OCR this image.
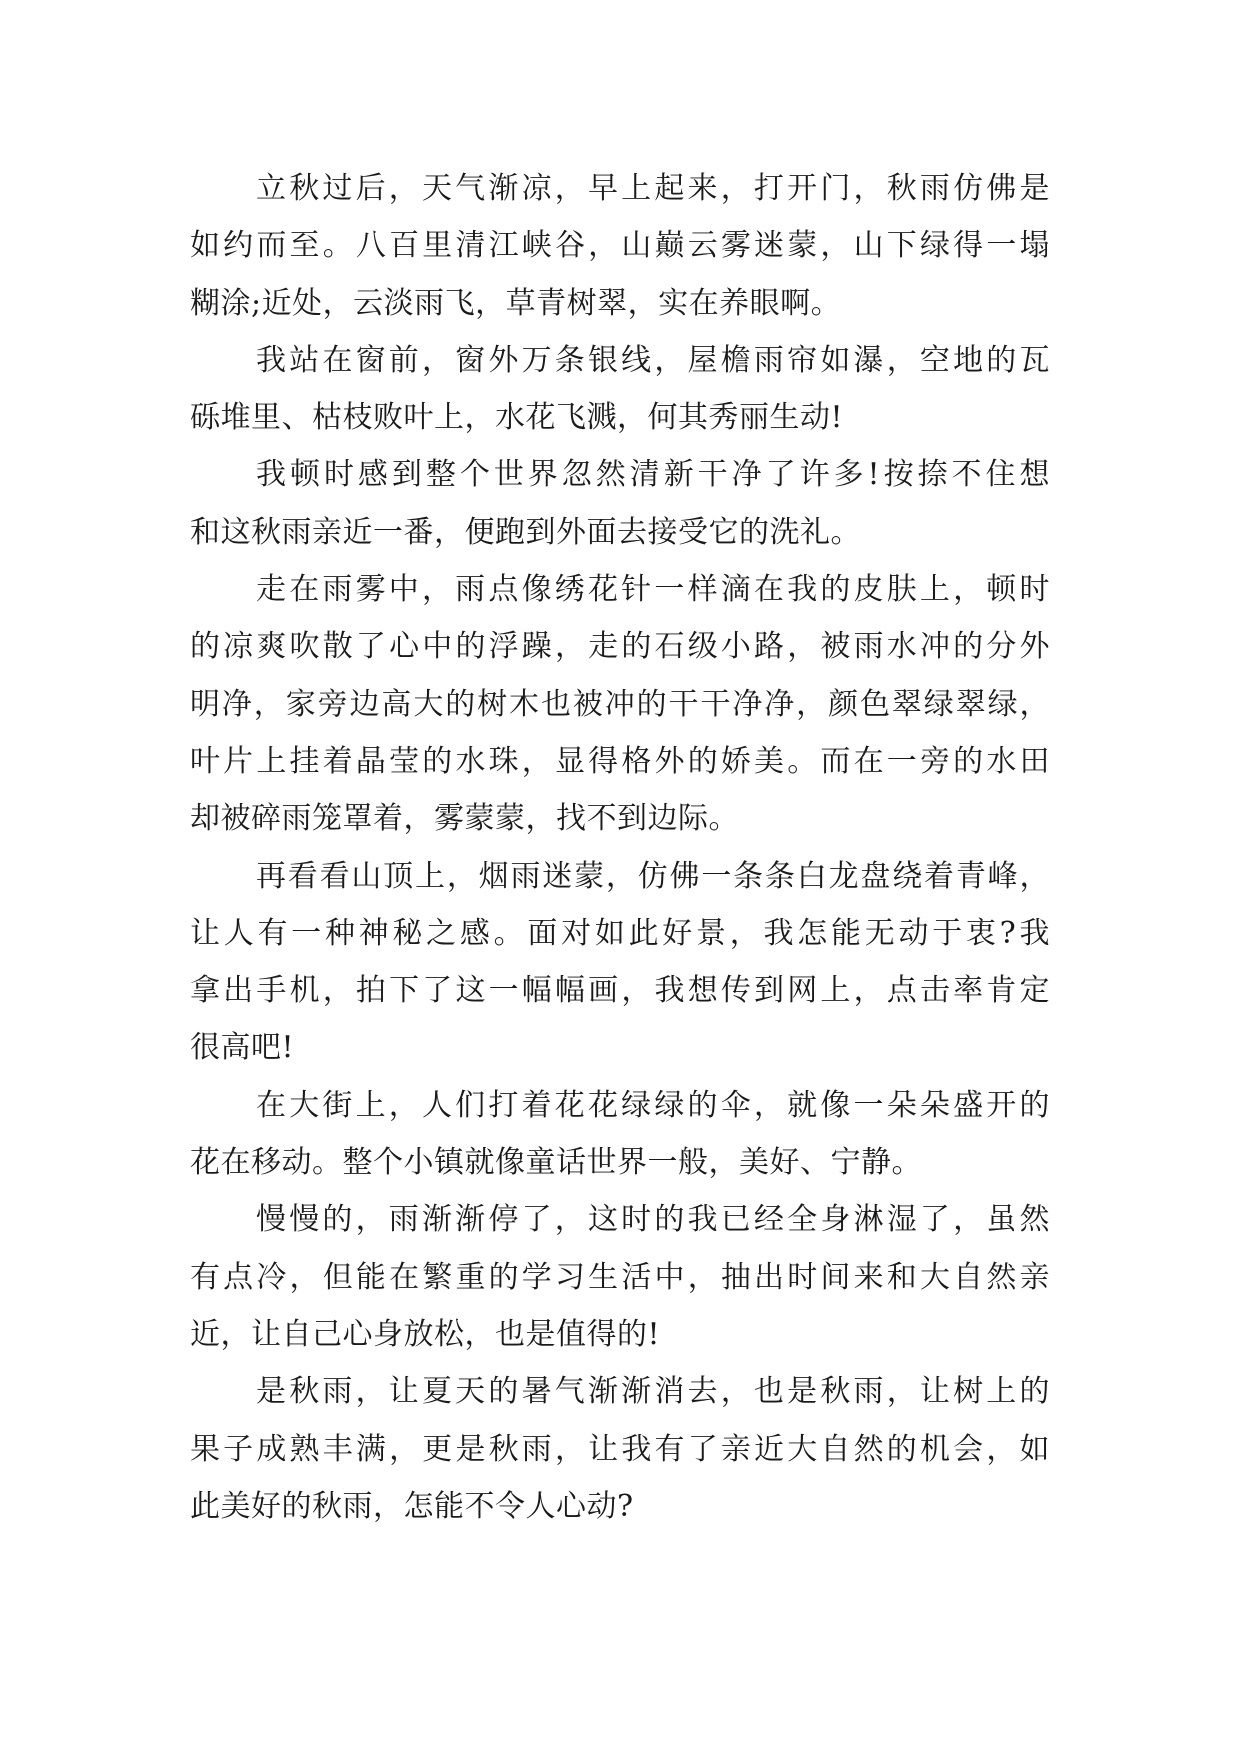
立秋过后，天气渐凉，早上起来，打开门，秋雨仿佛是
如约而至。八百里清江峡谷，山巅云雾迷蒙，山下绿得一塌
糊涂;近处，云淡雨飞，草青树翠，实在养眼啊。
我站在窗前，窗外万条银线，屋檐雨帘如瀑，空地的瓦
砾堆里、枯枝败叶上，水花飞溅，何其秀丽生动!
我顿时感到整个世界忽然清新干净了许多!按捺不住想
和这秋雨亲近一番，便跑到外面去接受它的洗礼。
走在雨雾中，雨点像绣花针一样滴在我的皮肤上，顿时
的凉爽吹散了心中的浮躁，走的石级小路，被雨水冲的分外
明净，家旁边高大的树木也被冲的干干净净，颜色翠绿翠绿，
叶片上挂着晶莹的水珠，显得格外的娇美。而在一旁的水田
却被碎雨笼罩着，雾蒙蒙，找不到边际。
再看看山顶上，烟雨迷蒙，仿佛一条条白龙盘绕着青峰，
让人有一种神秘之感。面对如此好景，我怎能无动于衷?我
拿出手机，拍下了这一幅幅画，我想传到网上，点击率肯定
很高吧!
在大街上，人们打着花花绿绿的伞，就像一朵朵盛开的
花在移动。整个小镇就像童话世界一般，美好、宁静。
慢慢的，雨渐渐停了，这时的我已经全身淋湿了，虽然
有点冷，但能在繁重的学习生活中，抽出时间来和大自然亲
近，让自己心身放松，也是值得的!
是秋雨，让夏天的暑气渐渐消去，也是秋雨，让树上的
果子成熟丰满，更是秋雨，让我有了亲近大自然的机会，如
此美好的秋雨，怎能不令人心动?
